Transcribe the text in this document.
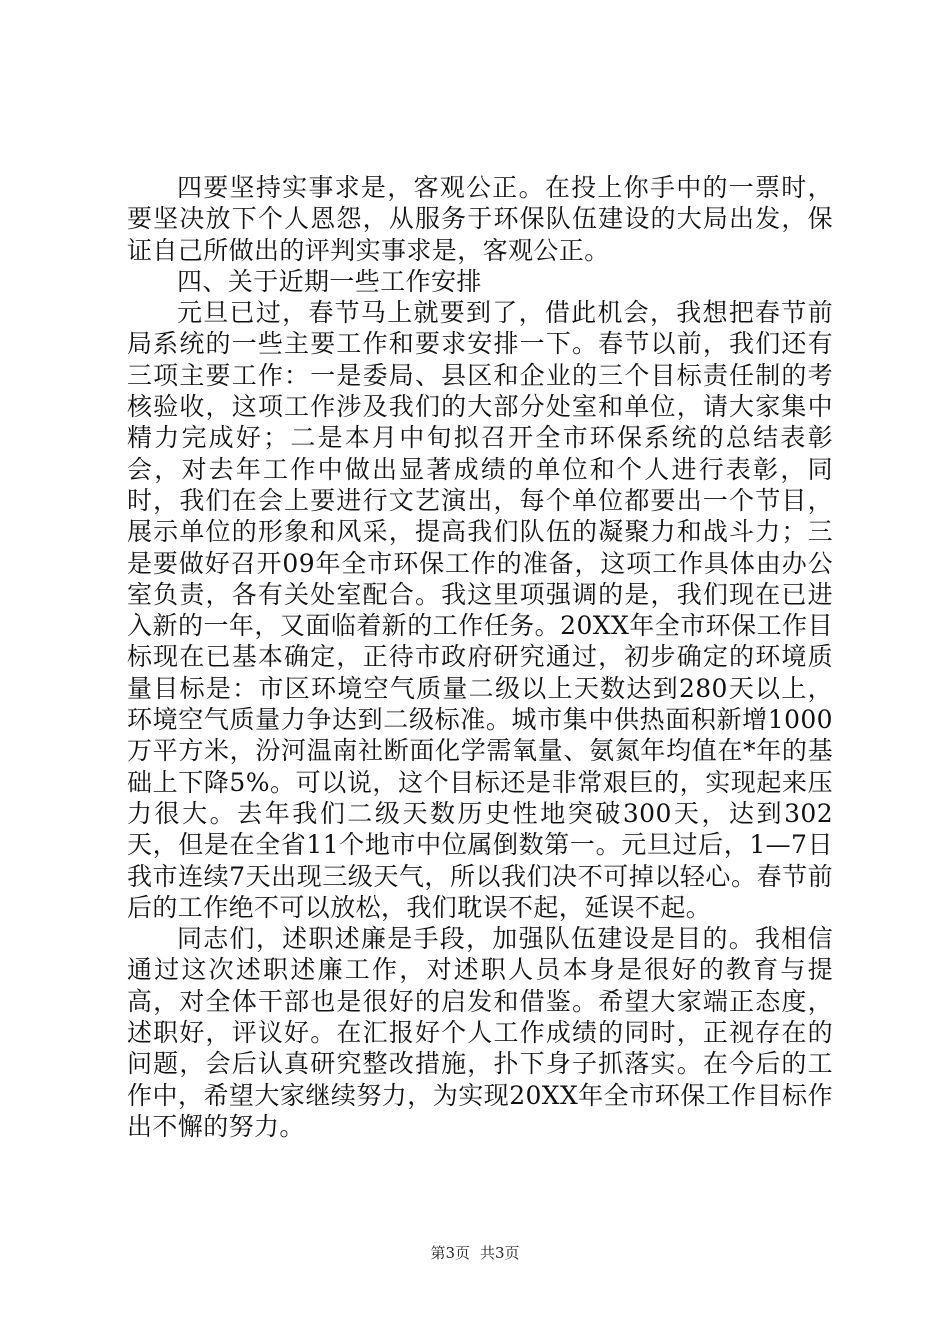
四要坚持实事求是，客观公正。在投上你手中的一票时，要坚决放下个人恩怨，从服务于环保队伍建设的大局出发，保证自己所做出的评判实事求是，客观公正。

四、关于近期一些工作安排

元旦已过，春节马上就要到了，借此机会，我想把春节前局系统的一些主要工作和要求安排一下。春节以前，我们还有三项主要工作：一是委局、县区和企业的三个目标责任制的考核验收，这项工作涉及我们的大部分处室和单位，请大家集中精力完成好；二是本月中旬拟召开全市环保系统的总结表彰会，对去年工作中做出显著成绩的单位和个人进行表彰，同时，我们在会上要进行文艺演出，每个单位都要出一个节目，展示单位的形象和风采，提高我们队伍的凝聚力和战斗力；三是要做好召开09年全市环保工作的准备，这项工作具体由办公室负责，各有关处室配合。我这里项强调的是，我们现在已进入新的一年，又面临着新的工作任务。20XX年全市环保工作目标现在已基本确定，正待市政府研究通过，初步确定的环境质量目标是：市区环境空气质量二级以上天数达到280天以上，环境空气质量力争达到二级标准。城市集中供热面积新增1000万平方米，汾河温南社断面化学需氧量、氨氮年均值在*年的基础上下降5%。可以说，这个目标还是非常艰巨的，实现起来压力很大。去年我们二级天数历史性地突破300天，达到302天，但是在全省11个地市中位属倒数第一。元旦过后，1—7日我市连续7天出现三级天气，所以我们决不可掉以轻心。春节前后的工作绝不可以放松，我们耽误不起，延误不起。

同志们，述职述廉是手段，加强队伍建设是目的。我相信通过这次述职述廉工作，对述职人员本身是很好的教育与提高，对全体干部也是很好的启发和借鉴。希望大家端正态度，述职好，评议好。在汇报好个人工作成绩的同时，正视存在的问题，会后认真研究整改措施，扑下身子抓落实。在今后的工作中，希望大家继续努力，为实现20XX年全市环保工作目标作出不懈的努力。

第3页 共3页
